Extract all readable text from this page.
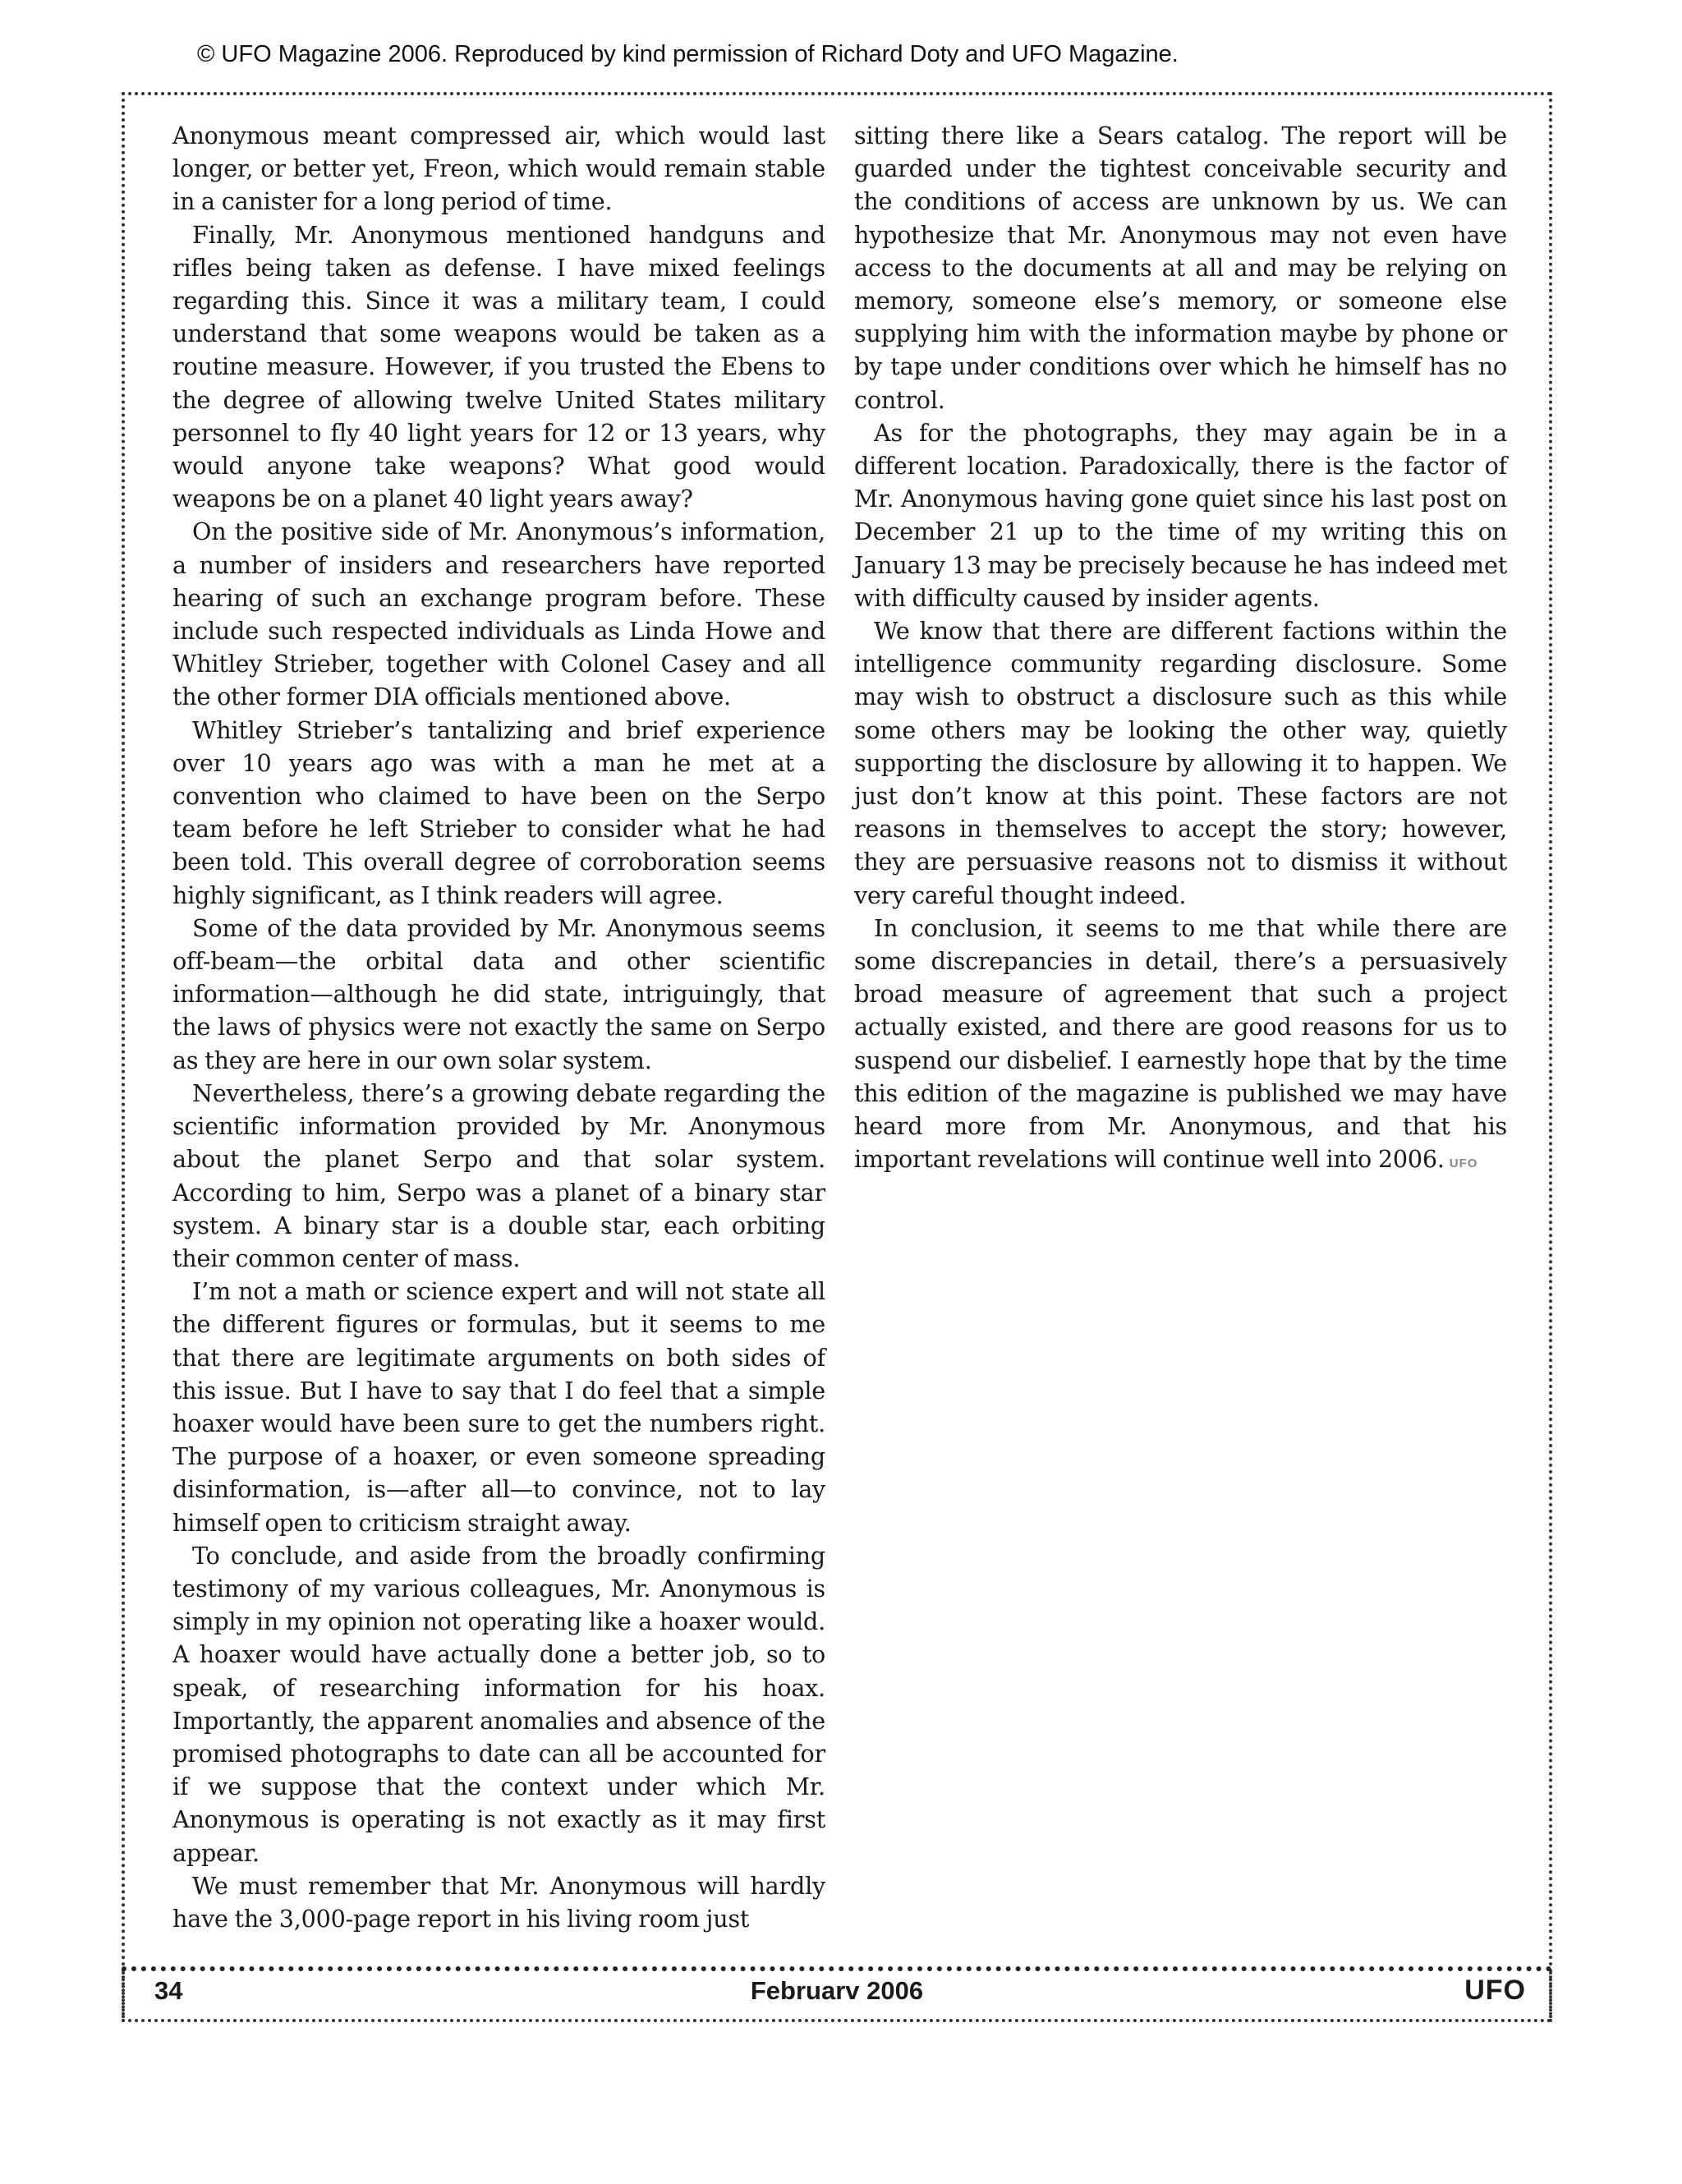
© UFO Magazine 2006. Reproduced by kind permission of Richard Doty and UFO Magazine.

Anonymous meant compressed air, which would last longer, or better yet, Freon, which would remain stable in a canister for a long period of time.

Finally, Mr. Anonymous mentioned handguns and rifles being taken as defense. I have mixed feelings regarding this. Since it was a military team, I could understand that some weapons would be taken as a routine measure. However, if you trusted the Ebens to the degree of allowing twelve United States military personnel to fly 40 light years for 12 or 13 years, why would anyone take weapons? What good would weapons be on a planet 40 light years away?

On the positive side of Mr. Anonymous’s information, a number of insiders and researchers have reported hearing of such an exchange program before. These include such respected individuals as Linda Howe and Whitley Strieber, together with Colonel Casey and all the other former DIA officials mentioned above.

Whitley Strieber’s tantalizing and brief experience over 10 years ago was with a man he met at a convention who claimed to have been on the Serpo team before he left Strieber to consider what he had been told. This overall degree of corroboration seems highly significant, as I think readers will agree.

Some of the data provided by Mr. Anonymous seems off-beam—the orbital data and other scientific information—although he did state, intriguingly, that the laws of physics were not exactly the same on Serpo as they are here in our own solar system.

Nevertheless, there’s a growing debate regarding the scientific information provided by Mr. Anonymous about the planet Serpo and that solar system. According to him, Serpo was a planet of a binary star system. A binary star is a double star, each orbiting their common center of mass.

I’m not a math or science expert and will not state all the different figures or formulas, but it seems to me that there are legitimate arguments on both sides of this issue. But I have to say that I do feel that a simple hoaxer would have been sure to get the numbers right. The purpose of a hoaxer, or even someone spreading disinformation, is—after all—to convince, not to lay himself open to criticism straight away.

To conclude, and aside from the broadly confirming testimony of my various colleagues, Mr. Anonymous is simply in my opinion not operating like a hoaxer would. A hoaxer would have actually done a better job, so to speak, of researching information for his hoax. Importantly, the apparent anomalies and absence of the promised photographs to date can all be accounted for if we suppose that the context under which Mr. Anonymous is operating is not exactly as it may first appear.

We must remember that Mr. Anonymous will hardly have the 3,000-page report in his living room just

sitting there like a Sears catalog. The report will be guarded under the tightest conceivable security and the conditions of access are unknown by us. We can hypothesize that Mr. Anonymous may not even have access to the documents at all and may be relying on memory, someone else’s memory, or someone else supplying him with the information maybe by phone or by tape under conditions over which he himself has no control.

As for the photographs, they may again be in a different location. Paradoxically, there is the factor of Mr. Anonymous having gone quiet since his last post on December 21 up to the time of my writing this on January 13 may be precisely because he has indeed met with difficulty caused by insider agents.

We know that there are different factions within the intelligence community regarding disclosure. Some may wish to obstruct a disclosure such as this while some others may be looking the other way, quietly supporting the disclosure by allowing it to happen. We just don’t know at this point. These factors are not reasons in themselves to accept the story; however, they are persuasive reasons not to dismiss it without very careful thought indeed.

In conclusion, it seems to me that while there are some discrepancies in detail, there’s a persuasively broad measure of agreement that such a project actually existed, and there are good reasons for us to suspend our disbelief. I earnestly hope that by the time this edition of the magazine is published we may have heard more from Mr. Anonymous, and that his important revelations will continue well into 2006. UFO

34	Februarv 2006	UFO
